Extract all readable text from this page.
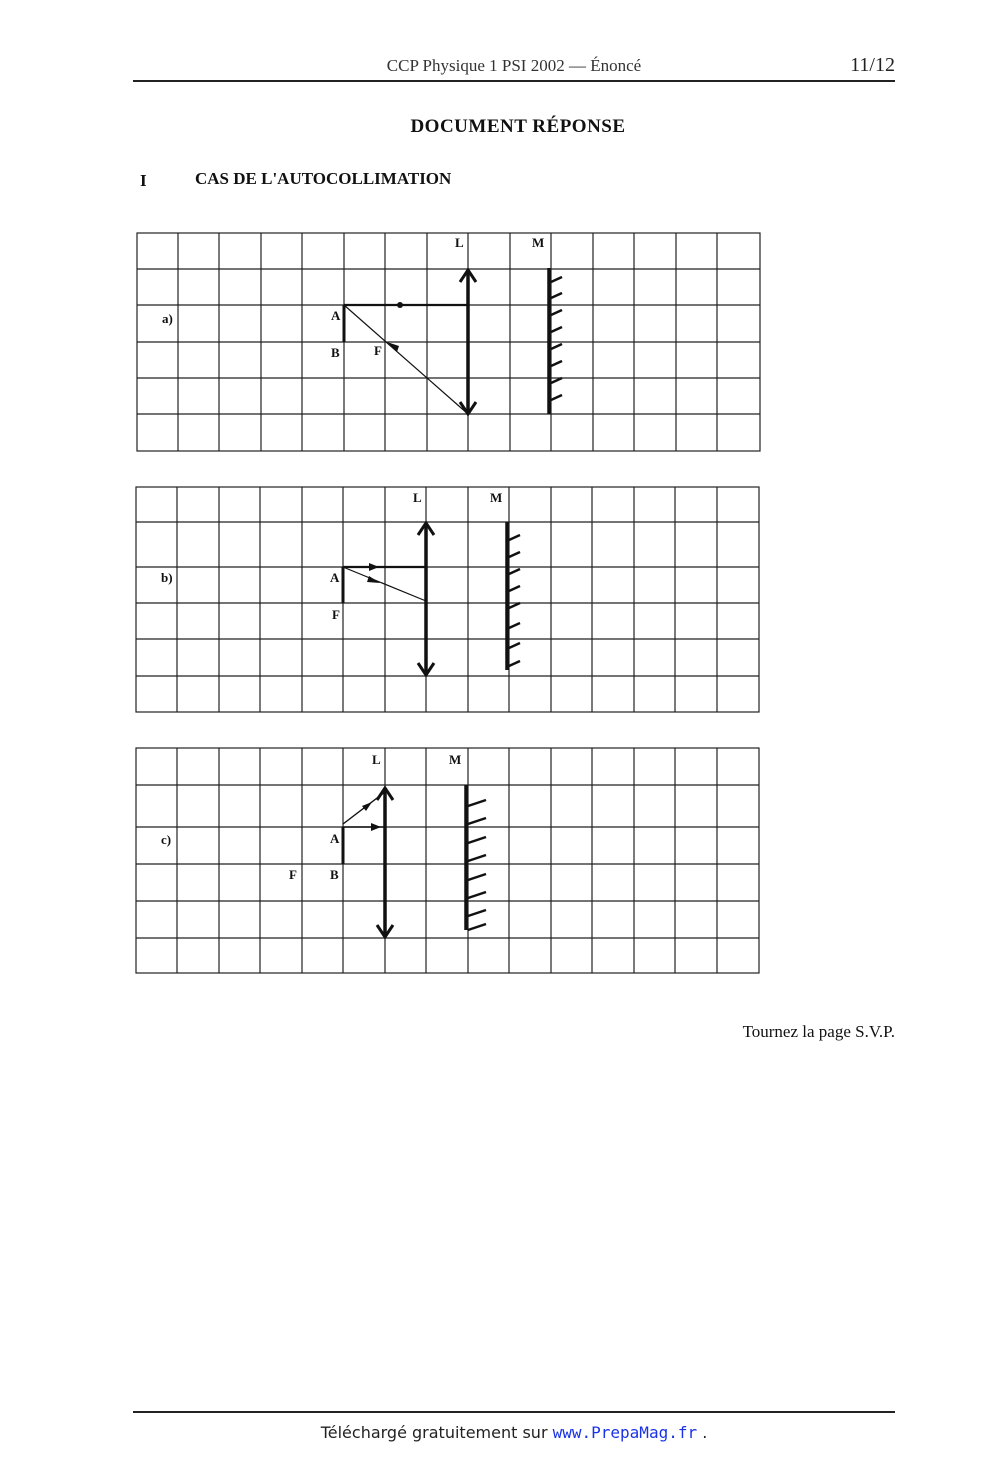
CCP Physique 1 PSI 2002 — Énoncé	11/12
DOCUMENT RÉPONSE
I	CAS DE L'AUTOCOLLIMATION
L	M
a)	A
B	F
L	M
b)	A
F
L	M
c)	A
B
F
Tournez la page S.V.P.
Téléchargé gratuitement sur www.PrepaMag.fr .
